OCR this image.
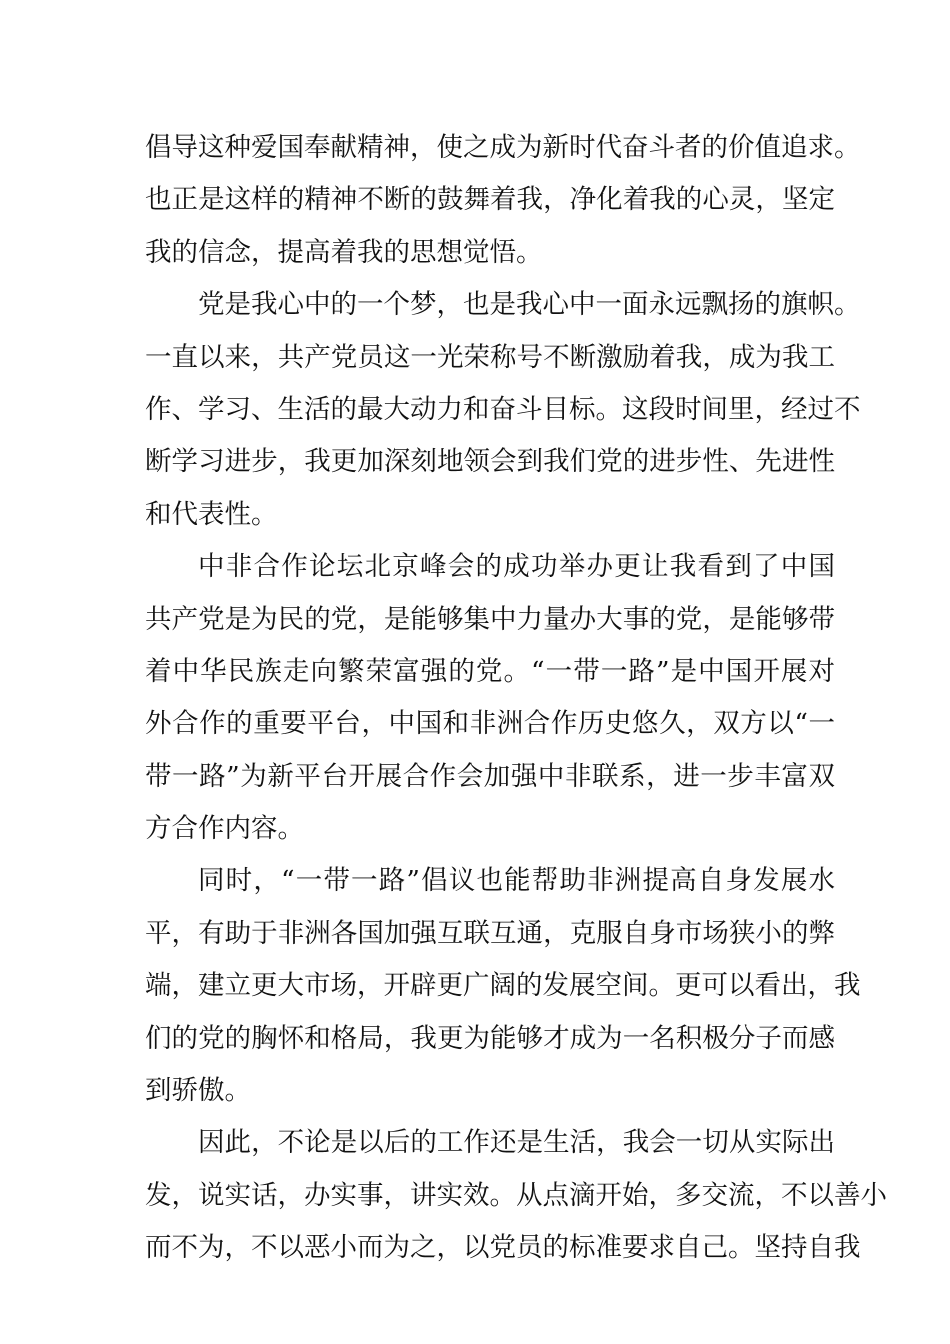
倡导这种爱国奉献精神，使之成为新时代奋斗者的价值追求。
也正是这样的精神不断的鼓舞着我，净化着我的心灵，坚定
我的信念，提高着我的思想觉悟。
党是我心中的一个梦，也是我心中一面永远飘扬的旗帜。
一直以来，共产党员这一光荣称号不断激励着我，成为我工
作、学习、生活的最大动力和奋斗目标。这段时间里，经过不
断学习进步，我更加深刻地领会到我们党的进步性、先进性
和代表性。
中非合作论坛北京峰会的成功举办更让我看到了中国
共产党是为民的党，是能够集中力量办大事的党，是能够带
着中华民族走向繁荣富强的党。“一带一路”是中国开展对
外合作的重要平台，中国和非洲合作历史悠久，双方以“一
带一路”为新平台开展合作会加强中非联系，进一步丰富双
方合作内容。
同时，“一带一路”倡议也能帮助非洲提高自身发展水
平，有助于非洲各国加强互联互通，克服自身市场狭小的弊
端，建立更大市场，开辟更广阔的发展空间。更可以看出，我
们的党的胸怀和格局，我更为能够才成为一名积极分子而感
到骄傲。
因此，不论是以后的工作还是生活，我会一切从实际出
发，说实话，办实事，讲实效。从点滴开始，多交流，不以善小
而不为，不以恶小而为之，以党员的标准要求自己。坚持自我
